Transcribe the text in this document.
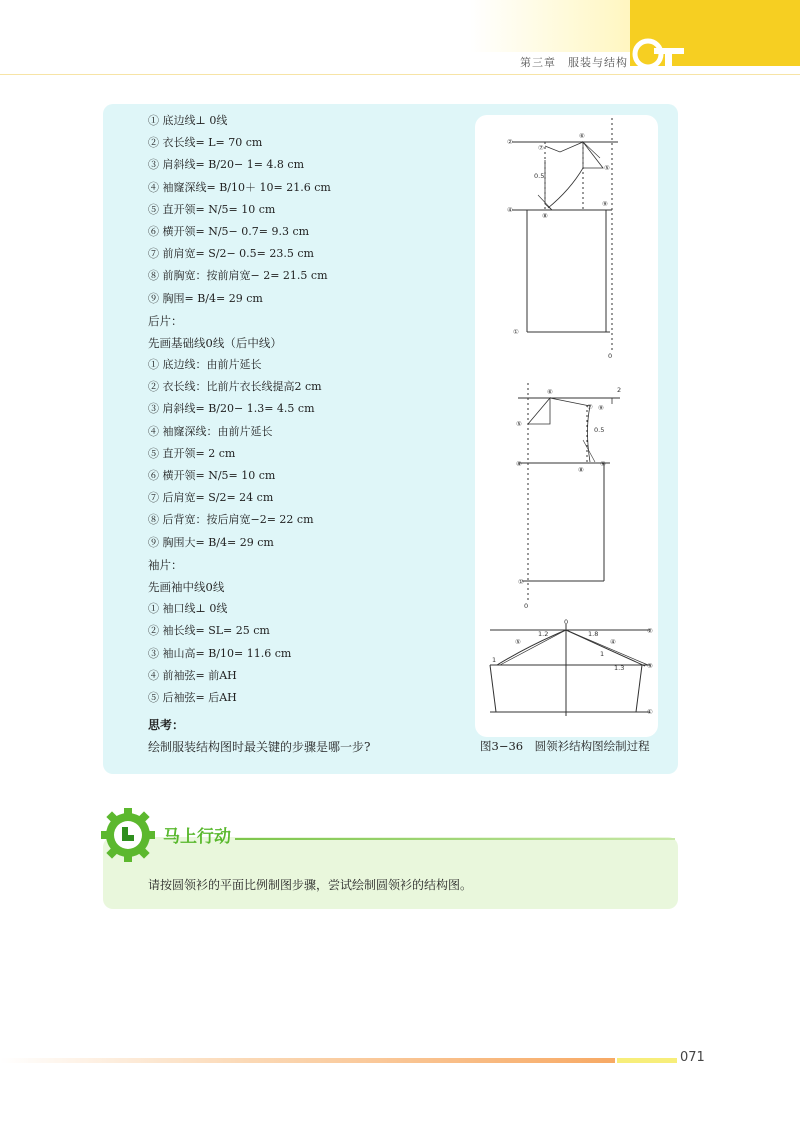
第三章　服装与结构
① 底边线⊥ 0线
② 衣长线= L= 70 cm
③ 肩斜线= B/20− 1= 4.8 cm
④ 袖窿深线= B/10＋ 10= 21.6 cm
⑤ 直开领= N/5= 10 cm
⑥ 横开领= N/5− 0.7= 9.3 cm
⑦ 前肩宽= S/2− 0.5= 23.5 cm
⑧ 前胸宽：按前肩宽− 2= 21.5 cm
⑨ 胸围= B/4= 29 cm
后片：
先画基础线0线（后中线）
① 底边线：由前片延长
② 衣长线：比前片衣长线提高2 cm
③ 肩斜线= B/20− 1.3= 4.5 cm
④ 袖窿深线：由前片延长
⑤ 直开领= 2 cm
⑥ 横开领= N/5= 10 cm
⑦ 后肩宽= S/2= 24 cm
⑧ 后背宽：按后肩宽−2= 22 cm
⑨ 胸围大= B/4= 29 cm
袖片：
先画袖中线0线
① 袖口线⊥ 0线
② 袖长线= SL= 25 cm
③ 袖山高= B/10= 11.6 cm
④ 前袖弦= 前AH
⑤ 后袖弦= 后AH
思考：
绘制服装结构图时最关键的步骤是哪一步?	图3−36　圆领衫结构图绘制过程
②
④
①
⑥
⑤
⑦
0.5
⑧
⑨
0
⑥
⑤
⑦ ⑨
0.5
④
⑧
⑨
①
0
2
0
②
③
①
⑤	④
1.2	1.8
1
1.3
1
马上行动
请按圆领衫的平面比例制图步骤，尝试绘制圆领衫的结构图。
071
